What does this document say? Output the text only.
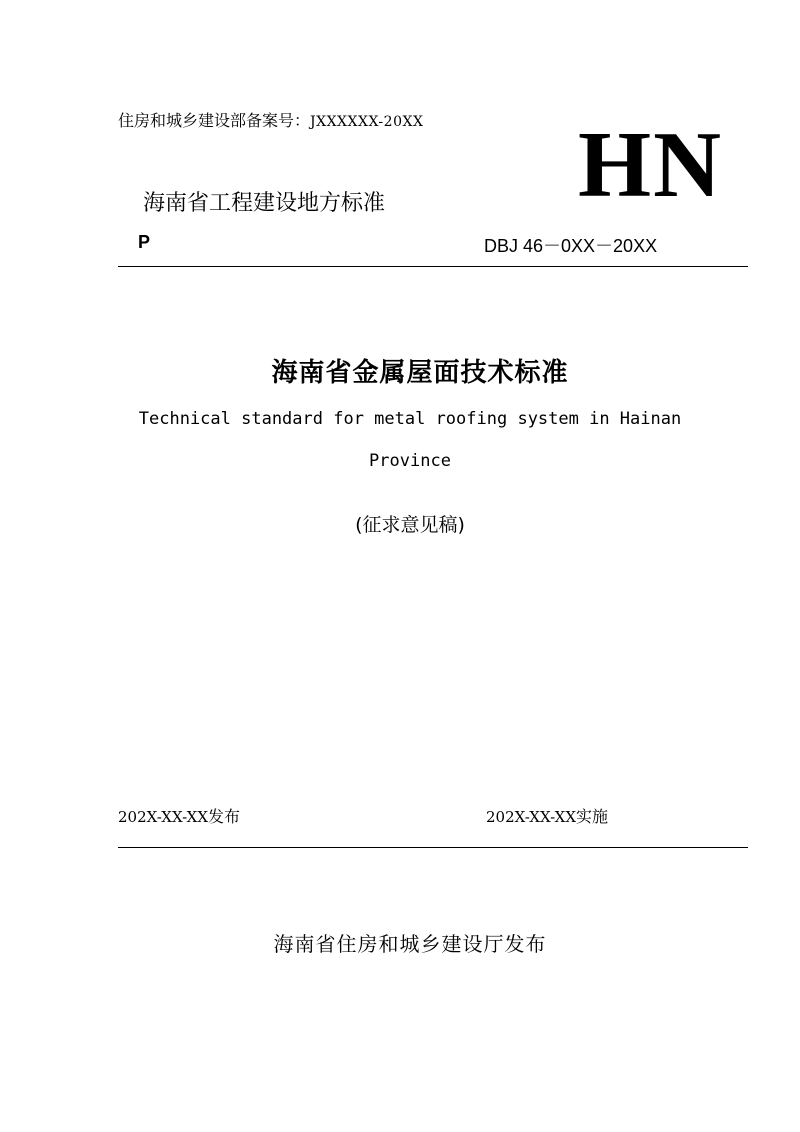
住房和城乡建设部备案号：JXXXXXX-20XX HN
海南省工程建设地方标准
P	DBJ 46－0XX－20XX
海南省金属屋面技术标准
Technical standard for metal roofing system in Hainan Province
(征求意见稿)
202X-XX-XX发布	202X-XX-XX实施
海南省住房和城乡建设厅发布
